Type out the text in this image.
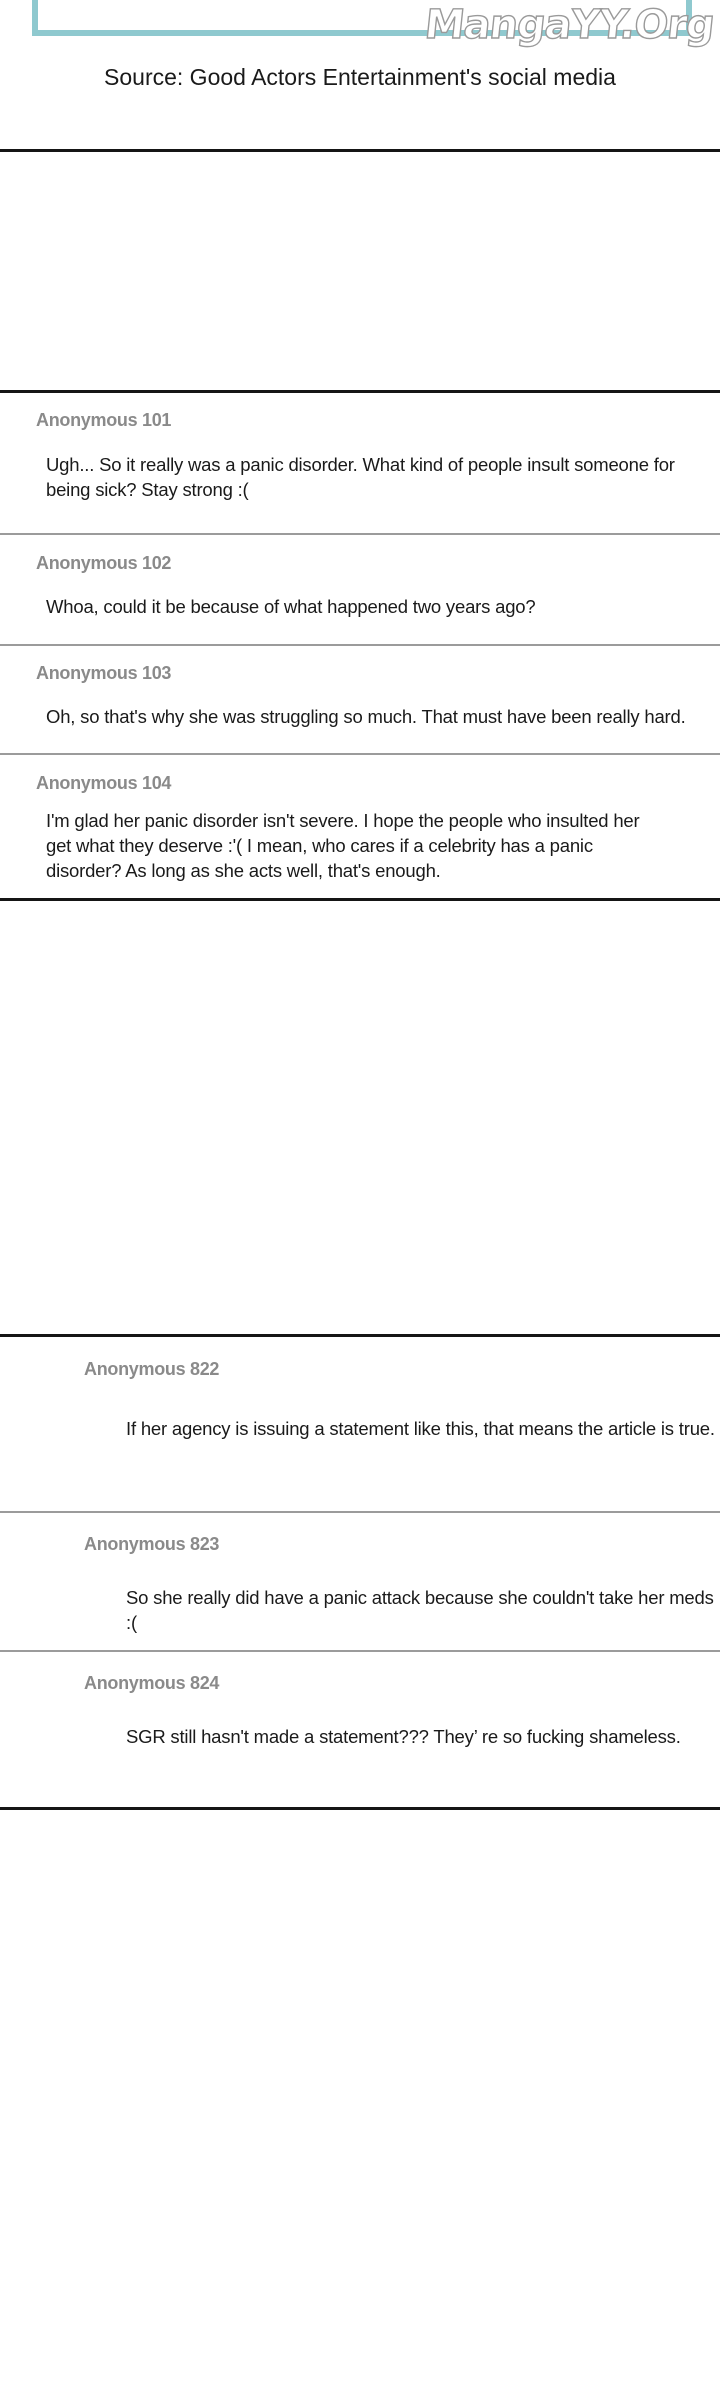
MangaYY.Org
Source: Good Actors Entertainment's social media
Anonymous 101
Ugh... So it really was a panic disorder. What kind of people insult someone for
being sick? Stay strong :(
Anonymous 102
Whoa, could it be because of what happened two years ago?
Anonymous 103
Oh, so that's why she was struggling so much. That must have been really hard.
Anonymous 104
I'm glad her panic disorder isn't severe. I hope the people who insulted her
get what they deserve :'( I mean, who cares if a celebrity has a panic
disorder? As long as she acts well, that's enough.
Anonymous 822
If her agency is issuing a statement like this, that means the article is true.
Anonymous 823
So she really did have a panic attack because she couldn't take her meds :(
Anonymous 824
SGR still hasn't made a statement??? They’ re so fucking shameless.
